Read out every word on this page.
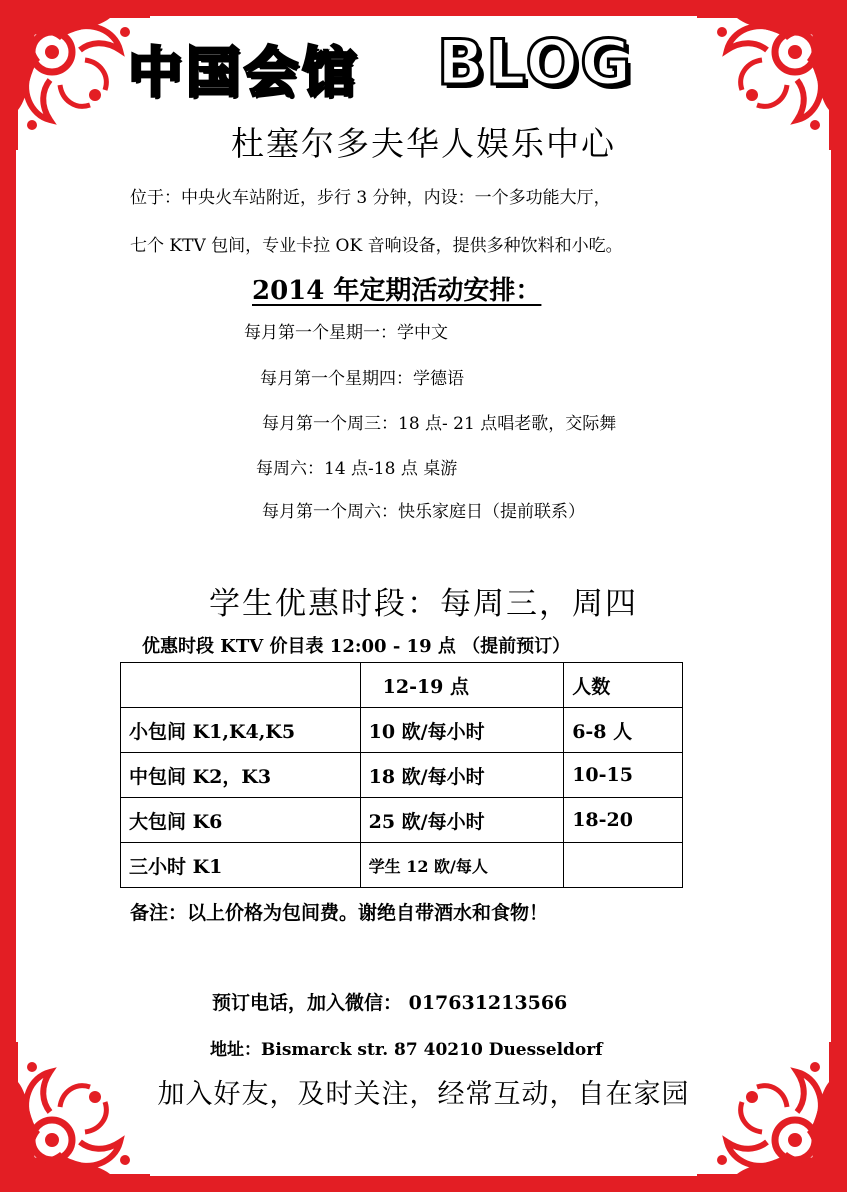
中国会馆 BLOG
杜塞尔多夫华人娱乐中心
位于：中央火车站附近，步行 3 分钟，内设：一个多功能大厅，
七个 KTV 包间，专业卡拉 OK 音响设备，提供多种饮料和小吃。
2014 年定期活动安排：
每月第一个星期一：学中文
每月第一个星期四：学德语
每月第一个周三：18 点- 21 点唱老歌，交际舞
每周六：14 点-18 点 桌游
每月第一个周六：快乐家庭日（提前联系）
学生优惠时段：每周三，周四
优惠时段 KTV 价目表 12:00 - 19 点 （提前预订）
	12-19 点	人数
小包间 K1,K4,K5	10 欧/每小时	6-8 人
中包间 K2，K3	18 欧/每小时	10-15
大包间 K6	25 欧/每小时	18-20
三小时 K1	学生 12 欧/每人	
备注：以上价格为包间费。谢绝自带酒水和食物！
预订电话，加入微信： 017631213566
地址：Bismarck str. 87 40210 Duesseldorf
加入好友，及时关注，经常互动，自在家园
